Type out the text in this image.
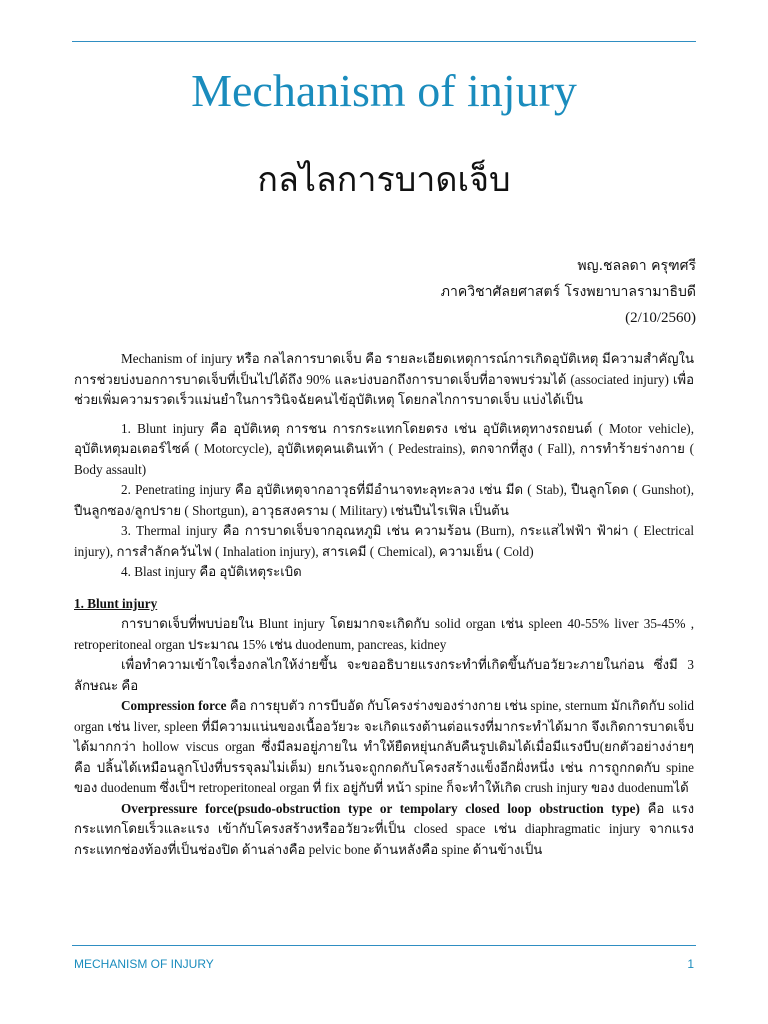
Mechanism of injury
กลไลการบาดเจ็บ
พญ.ชลลดา ครุฑศรี
ภาควิชาศัลยศาสตร์ โรงพยาบาลรามาธิบดี
(2/10/2560)

Mechanism of injury หรือ กลไลการบาดเจ็บ คือ รายละเอียดเหตุการณ์การเกิดอุบัติเหตุ มีความสำคัญในการช่วยบ่งบอกการบาดเจ็บที่เป็นไปได้ถึง 90% และบ่งบอกถึงการบาดเจ็บที่อาจพบร่วมได้ (associated injury) เพื่อช่วยเพิ่มความรวดเร็วแม่นยำในการวินิจฉัยคนไข้อุบัติเหตุ โดยกลไกการบาดเจ็บ แบ่งได้เป็น

1. Blunt injury คือ อุบัติเหตุ การชน การกระแทกโดยตรง เช่น อุบัติเหตุทางรถยนต์ ( Motor vehicle), อุบัติเหตุมอเตอร์ไซค์ ( Motorcycle), อุบัติเหตุคนเดินเท้า ( Pedestrains), ตกจากที่สูง ( Fall), การทำร้ายร่างกาย ( Body assault)

2. Penetrating injury คือ อุบัติเหตุจากอาวุธที่มีอำนาจทะลุทะลวง เช่น มีด ( Stab), ปืนลูกโดด ( Gunshot), ปืนลูกซอง/ลูกปราย ( Shortgun), อาวุธสงคราม ( Military) เช่นปืนไรเฟิล เป็นต้น

3. Thermal injury คือ การบาดเจ็บจากอุณหภูมิ เช่น ความร้อน (Burn), กระแสไฟฟ้า ฟ้าผ่า ( Electrical injury), การสำลักควันไฟ ( Inhalation injury), สารเคมี ( Chemical), ความเย็น ( Cold)

4. Blast injury คือ อุบัติเหตุระเบิด

1. Blunt injury

การบาดเจ็บที่พบบ่อยใน Blunt injury โดยมากจะเกิดกับ solid organ เช่น spleen 40-55% liver 35-45% , retroperitoneal organ ประมาณ 15% เช่น duodenum, pancreas, kidney

เพื่อทำความเข้าใจเรื่องกลไกให้ง่ายขึ้น จะขออธิบายแรงกระทำที่เกิดขึ้นกับอวัยวะภายในก่อน ซึ่งมี 3 ลักษณะ คือ

Compression force คือ การยุบตัว การบีบอัด กับโครงร่างของร่างกาย เช่น spine, sternum มักเกิดกับ solid organ เช่น liver, spleen ที่มีความแน่นของเนื้ออวัยวะ จะเกิดแรงต้านต่อแรงที่มากระทำได้มาก จึงเกิดการบาดเจ็บได้มากกว่า hollow viscus organ ซึ่งมีลมอยู่ภายใน ทำให้ยืดหยุ่นกลับคืนรูปเดิมได้เมื่อมีแรงบีบ(ยกตัวอย่างง่ายๆ คือ ปลิ้นได้เหมือนลูกโป่งที่บรรจุลมไม่เต็ม) ยกเว้นจะถูกกดกับโครงสร้างแข็งอีกฝั่งหนึ่ง เช่น การถูกกดกับ spine ของ duodenum ซึ่งเป็ฯ retroperitoneal organ ที่ fix อยู่กับที่ หน้า spine ก็จะทำให้เกิด crush injury ของ duodenumได้

Overpressure force(psudo-obstruction type or tempolary closed loop obstruction type) คือ แรงกระแทกโดยเร็วและแรง เข้ากับโครงสร้างหรืออวัยวะที่เป็น closed space เช่น diaphragmatic injury จากแรงกระแทกช่องท้องที่เป็นช่องปิด ด้านล่างคือ pelvic bone ด้านหลังคือ spine ด้านข้างเป็น

MECHANISM OF INJURY	1
